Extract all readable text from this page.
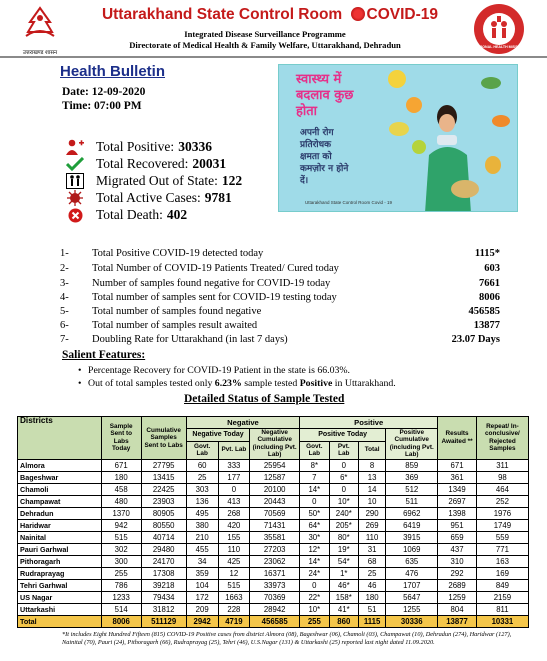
उत्तराखण्ड शासन
Uttarakhand State Control Room COVID-19
Integrated Disease Surveillance Programme
Directorate of Medical Health & Family Welfare, Uttarakhand, Dehradun	NATIONAL HEALTH MISSION
Health Bulletin
Date: 12-09-2020
Time: 07:00 PM
स्वास्थ्य में बदलाव कुछ होता
अपनी रोग प्रतिरोधक क्षमता को कमज़ोर न होने दें।
Uttarakhand State Control Room Covid - 19
Total Positive: 30336
Total Recovered: 20031
Migrated Out of State: 122
Total Active Cases: 9781
Total Death: 402
1-	Total Positive COVID-19 detected today	1115*
2-	Total Number of COVID-19 Patients Treated/ Cured today	603
3-	Number of samples found negative for COVID-19 today	7661
4-	Total number of samples sent for COVID-19 testing today	8006
5-	Total number of samples found negative	456585
6-	Total number of samples result awaited	13877
7-	Doubling Rate for Uttarakhand (in last 7 days)	23.07 Days
Salient Features:
• Percentage Recovery for COVID-19 Patient in the state is 66.03%.
• Out of total samples tested only 6.23% sample tested Positive in Uttarakhand.
Detailed Status of Sample Tested
Districts	Sample Sent to Labs Today	Cumulative Samples Sent to Labs	Negative			Positive				Results Awaited **	Repeat/ In-conclusive/ Rejected Samples
			Negative Today		Negative Cumulative (including Pvt. Lab)	Positive Today			Positive Cumulative (including Pvt. Lab)		
			Govt. Lab	Pvt. Lab		Govt. Lab	Pvt. Lab	Total			
Almora	671	27795	60	333	25954	8*	0	8	859	671	311
Bageshwar	180	13415	25	177	12587	7	6*	13	369	361	98
Chamoli	458	22425	303	0	20100	14*	0	14	512	1349	464
Champawat	480	23903	136	413	20443	0	10*	10	511	2697	252
Dehradun	1370	80905	495	268	70569	50*	240*	290	6962	1398	1976
Haridwar	942	80550	380	420	71431	64*	205*	269	6419	951	1749
Nainital	515	40714	210	155	35581	30*	80*	110	3915	659	559
Pauri Garhwal	302	29480	455	110	27203	12*	19*	31	1069	437	771
Pithoragarh	300	24170	34	425	23062	14*	54*	68	635	310	163
Rudraprayag	255	17308	359	12	16371	24*	1*	25	476	292	169
Tehri Garhwal	786	39218	104	515	33973	0	46*	46	1707	2689	849
US Nagar	1233	79434	172	1663	70369	22*	158*	180	5647	1259	2159
Uttarkashi	514	31812	209	228	28942	10*	41*	51	1255	804	811
Total	8006	511129	2942	4719	456585	255	860	1115	30336	13877	10331
*It includes Eight Hundred Fifteen (815) COVID-19 Positive cases from district Almora (08), Bageshwar (06), Chamoli (03), Champawat (10), Dehradun (274), Haridwar (127), Nainital (70), Pauri (24), Pithoragarh (66), Rudraprayag (25), Tehri (46), U.S.Nagar (131) & Uttarkashi (25) reported last night dated 11.09.2020.
